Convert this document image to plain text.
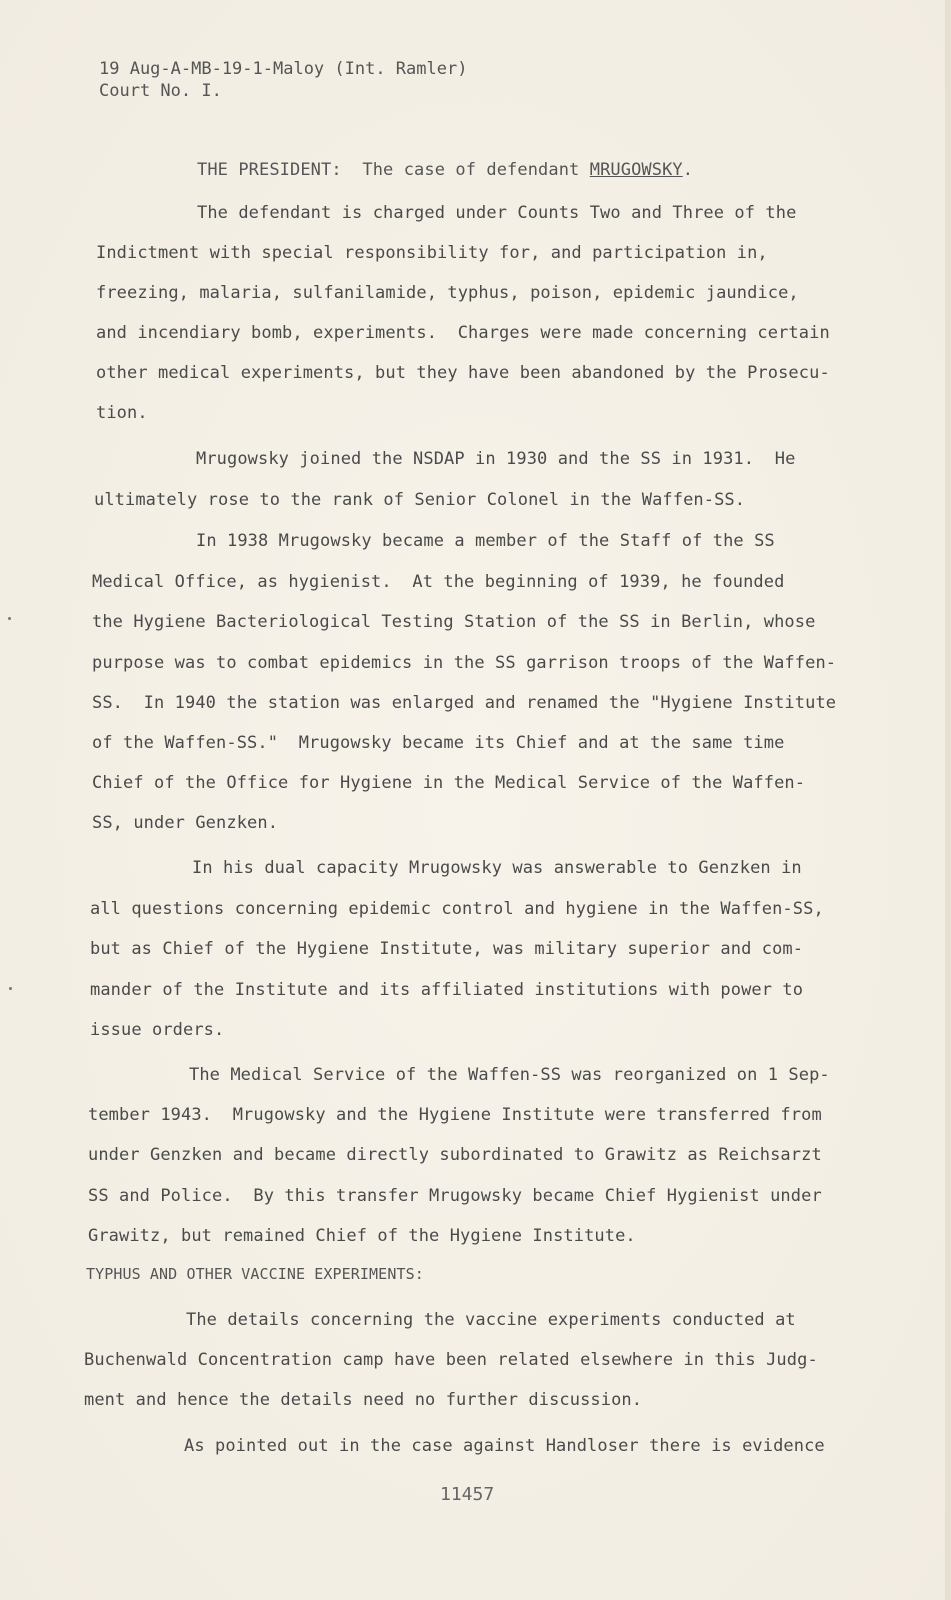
19 Aug-A-MB-19-1-Maloy (Int. Ramler)
Court No. I.
THE PRESIDENT:  The case of defendant MRUGOWSKY.
The defendant is charged under Counts Two and Three of the
Indictment with special responsibility for, and participation in,
freezing, malaria, sulfanilamide, typhus, poison, epidemic jaundice,
and incendiary bomb, experiments.  Charges were made concerning certain
other medical experiments, but they have been abandoned by the Prosecu-
tion.
Mrugowsky joined the NSDAP in 1930 and the SS in 1931.  He
ultimately rose to the rank of Senior Colonel in the Waffen-SS.
In 1938 Mrugowsky became a member of the Staff of the SS
Medical Office, as hygienist.  At the beginning of 1939, he founded
the Hygiene Bacteriological Testing Station of the SS in Berlin, whose
purpose was to combat epidemics in the SS garrison troops of the Waffen-
SS.  In 1940 the station was enlarged and renamed the "Hygiene Institute
of the Waffen-SS."  Mrugowsky became its Chief and at the same time
Chief of the Office for Hygiene in the Medical Service of the Waffen-
SS, under Genzken.
In his dual capacity Mrugowsky was answerable to Genzken in
all questions concerning epidemic control and hygiene in the Waffen-SS,
but as Chief of the Hygiene Institute, was military superior and com-
mander of the Institute and its affiliated institutions with power to
issue orders.
The Medical Service of the Waffen-SS was reorganized on 1 Sep-
tember 1943.  Mrugowsky and the Hygiene Institute were transferred from
under Genzken and became directly subordinated to Grawitz as Reichsarzt
SS and Police.  By this transfer Mrugowsky became Chief Hygienist under
Grawitz, but remained Chief of the Hygiene Institute.
TYPHUS AND OTHER VACCINE EXPERIMENTS:
The details concerning the vaccine experiments conducted at
Buchenwald Concentration camp have been related elsewhere in this Judg-
ment and hence the details need no further discussion.
As pointed out in the case against Handloser there is evidence
11457
